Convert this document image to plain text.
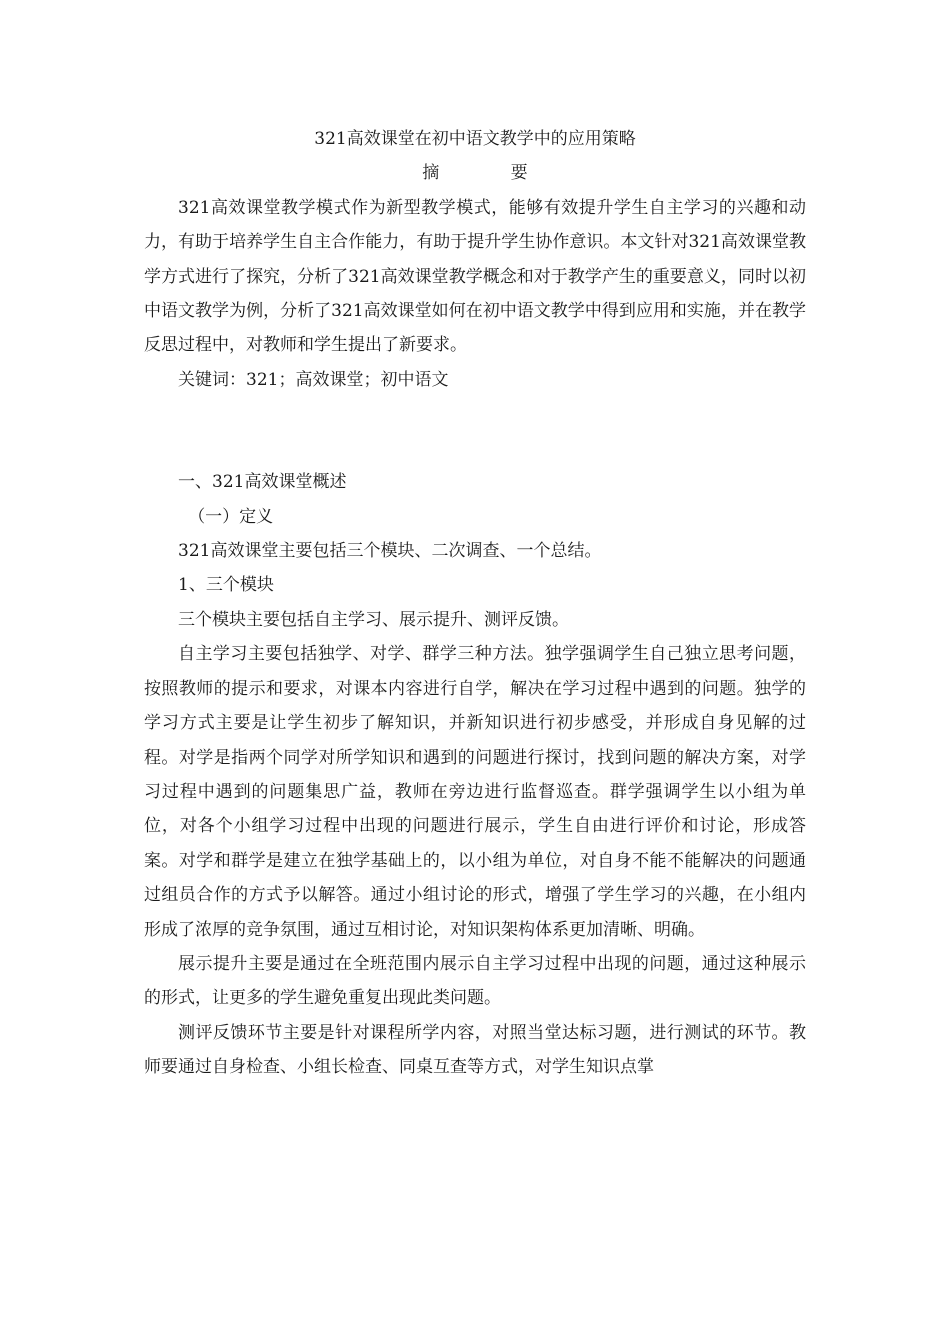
321高效课堂在初中语文教学中的应用策略
摘　要

321高效课堂教学模式作为新型教学模式，能够有效提升学生自主学习的兴趣和动力，有助于培养学生自主合作能力，有助于提升学生协作意识。本文针对321高效课堂教学方式进行了探究，分析了321高效课堂教学概念和对于教学产生的重要意义，同时以初中语文教学为例，分析了321高效课堂如何在初中语文教学中得到应用和实施，并在教学反思过程中，对教师和学生提出了新要求。

关键词：321；高效课堂；初中语文

一、321高效课堂概述

（一）定义

321高效课堂主要包括三个模块、二次调查、一个总结。

1、三个模块

三个模块主要包括自主学习、展示提升、测评反馈。

自主学习主要包括独学、对学、群学三种方法。独学强调学生自己独立思考问题，按照教师的提示和要求，对课本内容进行自学，解决在学习过程中遇到的问题。独学的学习方式主要是让学生初步了解知识，并新知识进行初步感受，并形成自身见解的过程。对学是指两个同学对所学知识和遇到的问题进行探讨，找到问题的解决方案，对学习过程中遇到的问题集思广益，教师在旁边进行监督巡查。群学强调学生以小组为单位，对各个小组学习过程中出现的问题进行展示，学生自由进行评价和讨论，形成答案。对学和群学是建立在独学基础上的，以小组为单位，对自身不能不能解决的问题通过组员合作的方式予以解答。通过小组讨论的形式，增强了学生学习的兴趣，在小组内形成了浓厚的竞争氛围，通过互相讨论，对知识架构体系更加清晰、明确。

展示提升主要是通过在全班范围内展示自主学习过程中出现的问题，通过这种展示的形式，让更多的学生避免重复出现此类问题。

测评反馈环节主要是针对课程所学内容，对照当堂达标习题，进行测试的环节。教师要通过自身检查、小组长检查、同桌互查等方式，对学生知识点掌
